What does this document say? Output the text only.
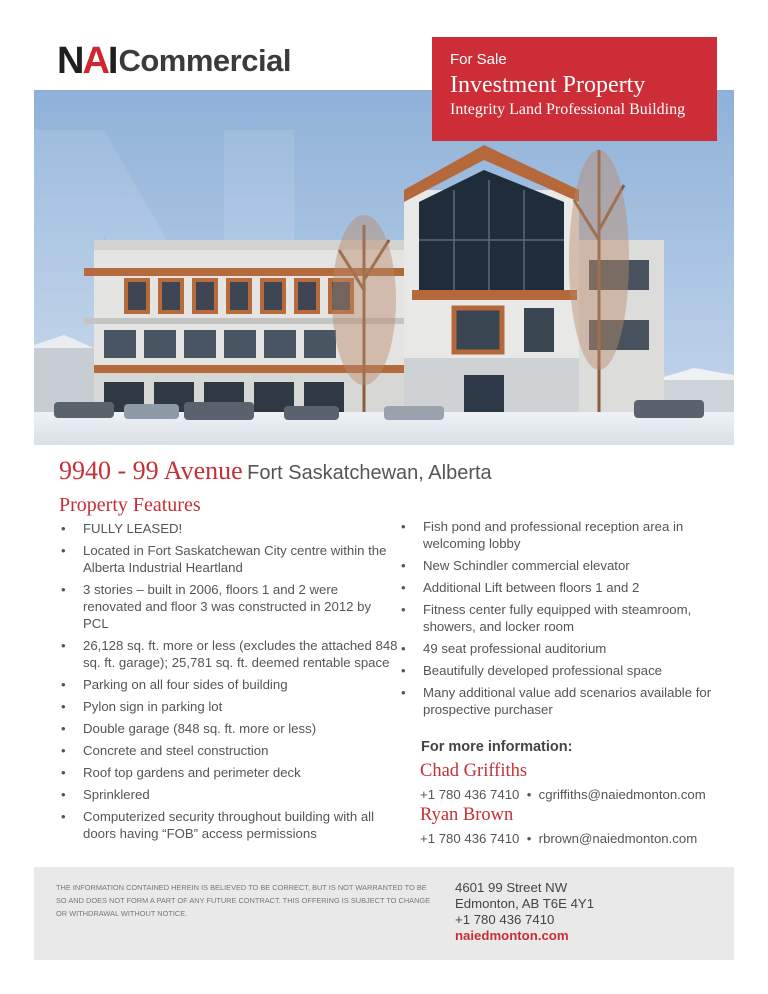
NAI Commercial	For Sale
Investment Property
Integrity Land Professional Building
9940 - 99 Avenue Fort Saskatchewan, Alberta
Property Features
• FULLY LEASED!
• Located in Fort Saskatchewan City centre within the Alberta Industrial Heartland
• 3 stories – built in 2006, floors 1 and 2 were renovated and floor 3 was constructed in 2012 by PCL
• 26,128 sq. ft. more or less (excludes the attached 848 sq. ft. garage); 25,781 sq. ft. deemed rentable space
• Parking on all four sides of building
• Pylon sign in parking lot
• Double garage (848 sq. ft. more or less)
• Concrete and steel construction
• Roof top gardens and perimeter deck
• Sprinklered
• Computerized security throughout building with all doors having “FOB” access permissions
• Fish pond and professional reception area in welcoming lobby
• New Schindler commercial elevator
• Additional Lift between floors 1 and 2
• Fitness center fully equipped with steamroom, showers, and locker room
• 49 seat professional auditorium
• Beautifully developed professional space
• Many additional value add scenarios available for prospective purchaser
For more information:
Chad Griffiths
+1 780 436 7410  •  cgriffiths@naiedmonton.com
Ryan Brown
+1 780 436 7410  •  rbrown@naiedmonton.com
THE INFORMATION CONTAINED HEREIN IS BELIEVED TO BE CORRECT, BUT IS NOT WARRANTED TO BE SO AND DOES NOT FORM A PART OF ANY FUTURE CONTRACT. THIS OFFERING IS SUBJECT TO CHANGE OR WITHDRAWAL WITHOUT NOTICE.
4601 99 Street NW
Edmonton, AB T6E 4Y1
+1 780 436 7410
naiedmonton.com
